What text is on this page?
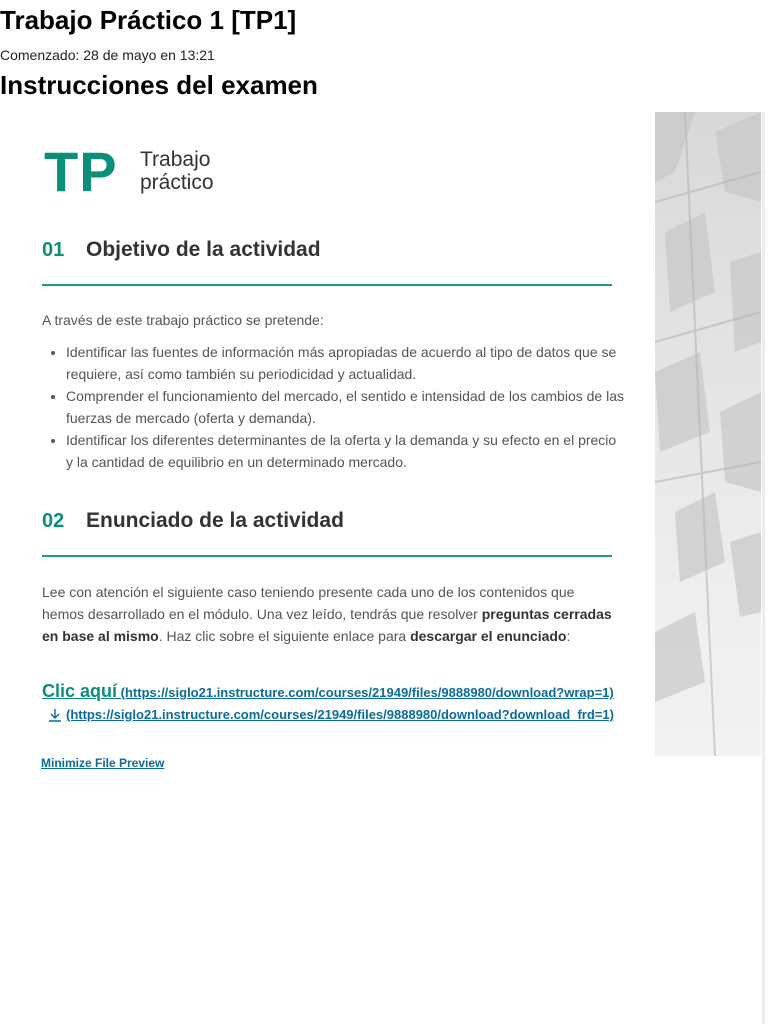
Trabajo Práctico 1 [TP1]
Comenzado: 28 de mayo en 13:21
Instrucciones del examen
TP Trabajo
práctico
01 Objetivo de la actividad
A través de este trabajo práctico se pretende:
• Identificar las fuentes de información más apropiadas de acuerdo al tipo de datos que se requiere, así como también su periodicidad y actualidad.
• Comprender el funcionamiento del mercado, el sentido e intensidad de los cambios de las fuerzas de mercado (oferta y demanda).
• Identificar los diferentes determinantes de la oferta y la demanda y su efecto en el precio y la cantidad de equilibrio en un determinado mercado.
02 Enunciado de la actividad
Lee con atención el siguiente caso teniendo presente cada uno de los contenidos que hemos desarrollado en el módulo. Una vez leído, tendrás que resolver preguntas cerradas en base al mismo. Haz clic sobre el siguiente enlace para descargar el enunciado:
Clic aquí (https://siglo21.instructure.com/courses/21949/files/9888980/download?wrap=1)(https://siglo21.instructure.com/courses/21949/files/9888980/download?download_frd=1)
Minimize File Preview
